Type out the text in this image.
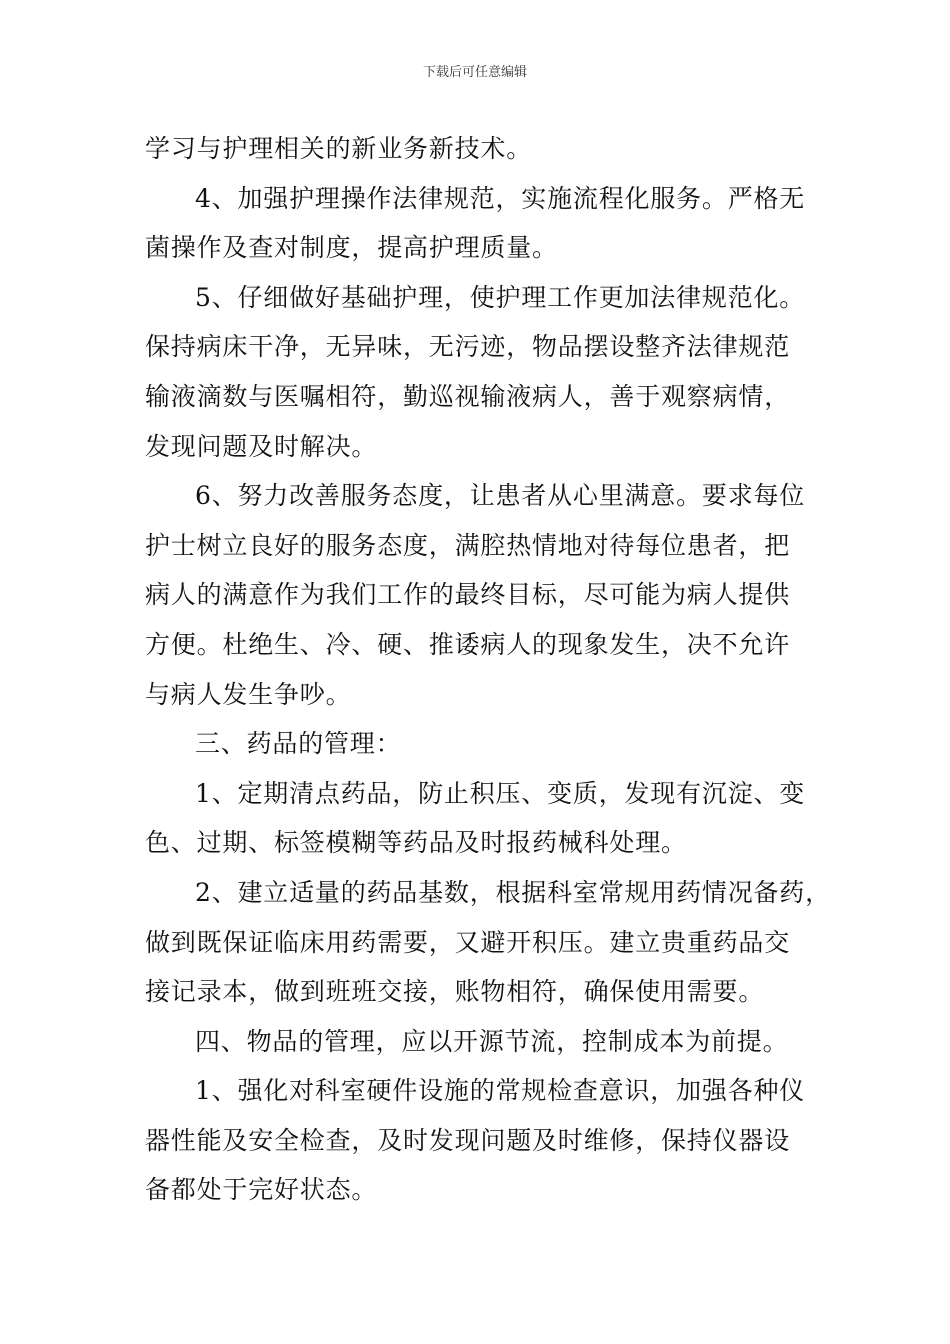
下载后可任意编辑
学习与护理相关的新业务新技术。
4、加强护理操作法律规范，实施流程化服务。严格无
菌操作及查对制度，提高护理质量。
5、仔细做好基础护理，使护理工作更加法律规范化。
保持病床干净，无异味，无污迹，物品摆设整齐法律规范
输液滴数与医嘱相符，勤巡视输液病人，善于观察病情，
发现问题及时解决。
6、努力改善服务态度，让患者从心里满意。要求每位
护士树立良好的服务态度，满腔热情地对待每位患者，把
病人的满意作为我们工作的最终目标，尽可能为病人提供
方便。杜绝生、冷、硬、推诿病人的现象发生，决不允许
与病人发生争吵。
三、药品的管理：
1、定期清点药品，防止积压、变质，发现有沉淀、变
色、过期、标签模糊等药品及时报药械科处理。
2、建立适量的药品基数，根据科室常规用药情况备药，
做到既保证临床用药需要，又避开积压。建立贵重药品交
接记录本，做到班班交接，账物相符，确保使用需要。
四、物品的管理，应以开源节流，控制成本为前提。
1、强化对科室硬件设施的常规检查意识，加强各种仪
器性能及安全检查，及时发现问题及时维修，保持仪器设
备都处于完好状态。
